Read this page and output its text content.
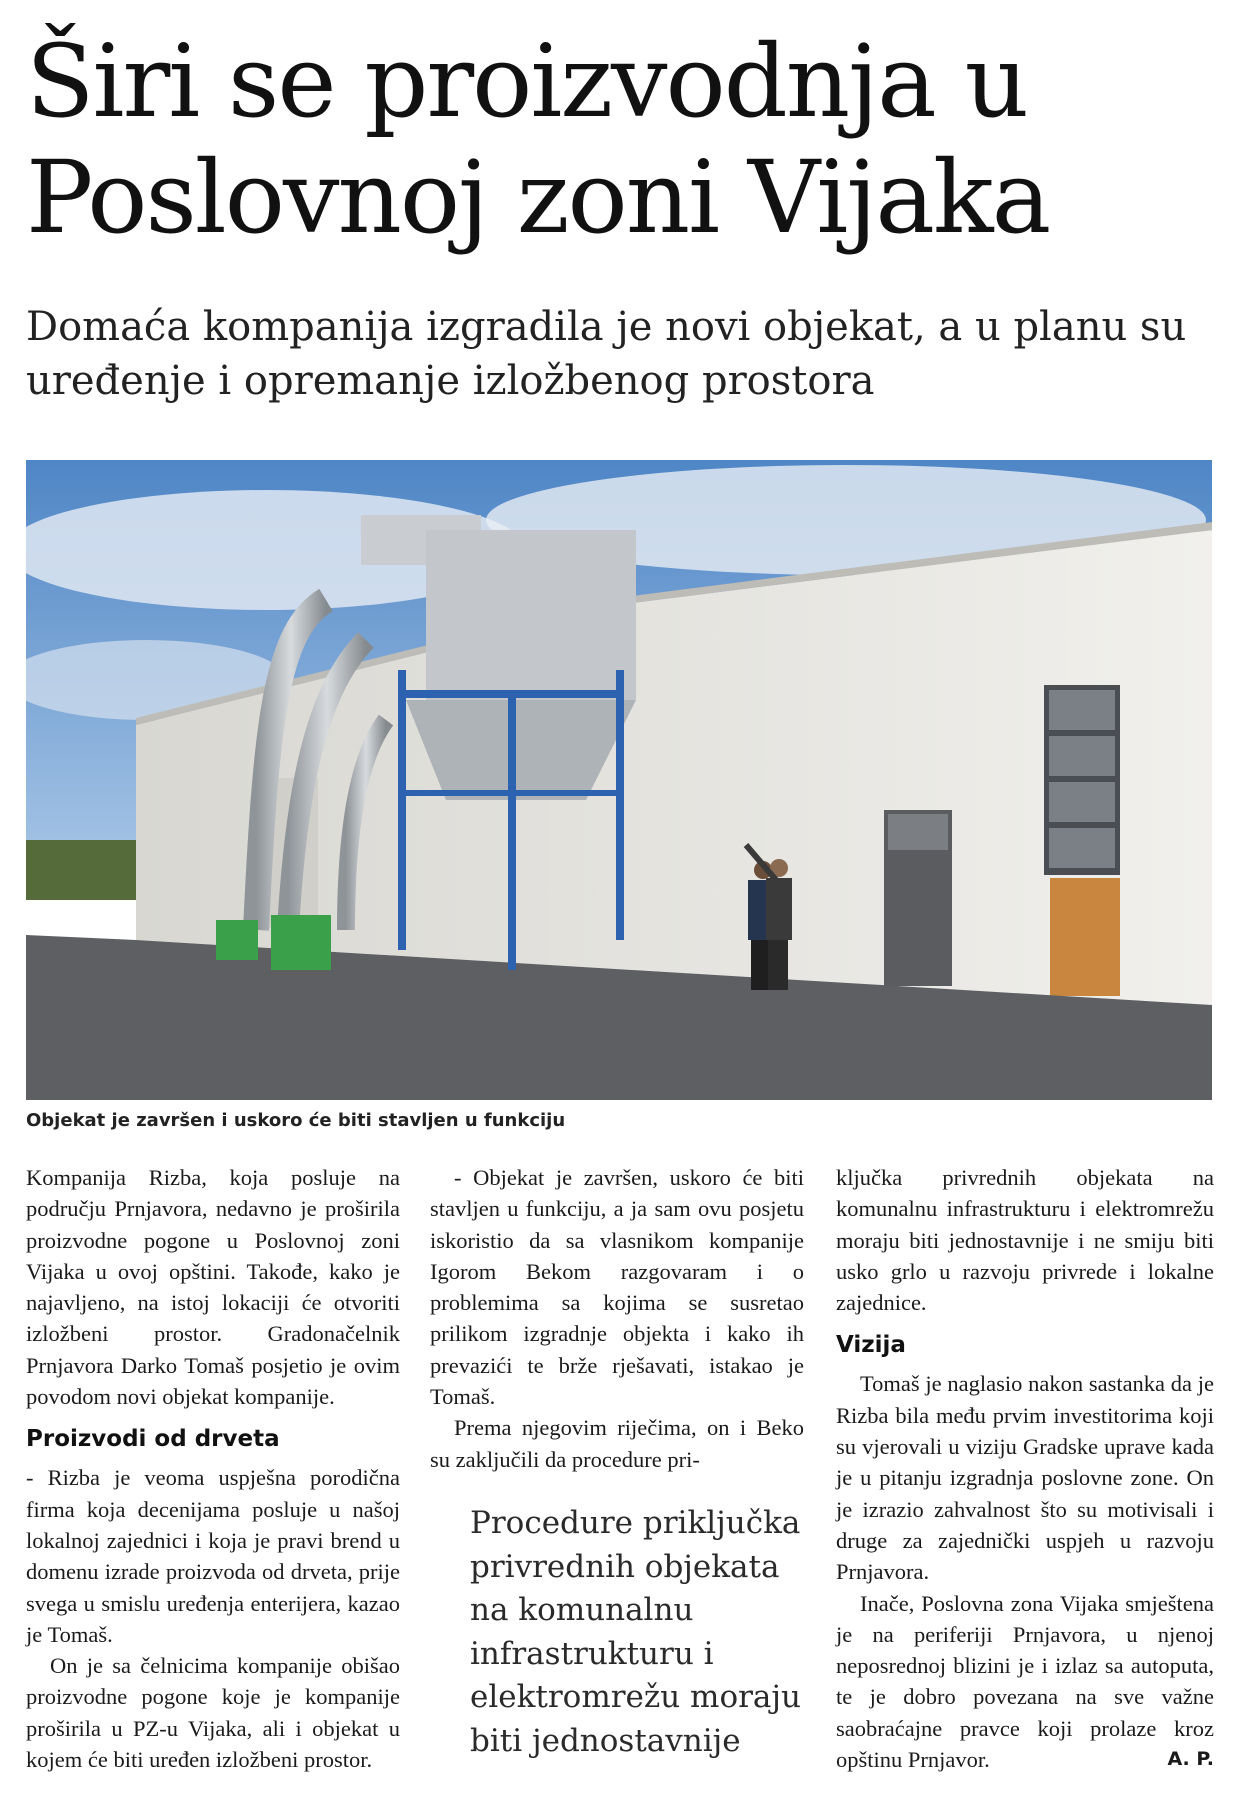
Širi se proizvodnja u Poslovnoj zoni Vijaka

Domaća kompanija izgradila je novi objekat, a u planu su uređenje i opremanje izložbenog prostora

Objekat je završen i uskoro će biti stavljen u funkciju

Kompanija Rizba, koja posluje na području Prnjavora, nedavno je proširila proizvodne pogone u Poslovnoj zoni Vijaka u ovoj opštini. Takođe, kako je najavljeno, na istoj lokaciji će otvoriti izložbeni prostor. Gradonačelnik Prnjavora Darko Tomaš posjetio je ovim povodom novi objekat kompanije.

Proizvodi od drveta

- Rizba je veoma uspješna porodična firma koja decenijama posluje u našoj lokalnoj zajednici i koja je pravi brend u domenu izrade proizvoda od drveta, prije svega u smislu uređenja enterijera, kazao je Tomaš.

On je sa čelnicima kompanije obišao proizvodne pogone koje je kompanije proširila u PZ-u Vijaka, ali i objekat u kojem će biti uređen izložbeni prostor.

- Objekat je završen, uskoro će biti stavljen u funkciju, a ja sam ovu posjetu iskoristio da sa vlasnikom kompanije Igorom Bekom razgovaram i o problemima sa kojima se susretao prilikom izgradnje objekta i kako ih prevazići te brže rješavati, istakao je Tomaš.

Prema njegovim riječima, on i Beko su zaključili da procedure pri-

Procedure priključka privrednih objekata na komunalnu infrastrukturu i elektromrežu moraju biti jednostavnije

ključka privrednih objekata na komunalnu infrastrukturu i elektromrežu moraju biti jednostavnije i ne smiju biti usko grlo u razvoju privrede i lokalne zajednice.

Vizija

Tomaš je naglasio nakon sastanka da je Rizba bila među prvim investitorima koji su vjerovali u viziju Gradske uprave kada je u pitanju izgradnja poslovne zone. On je izrazio zahvalnost što su motivisali i druge za zajednički uspjeh u razvoju Prnjavora.

Inače, Poslovna zona Vijaka smještena je na periferiji Prnjavora, u njenoj neposrednoj blizini je i izlaz sa autoputa, te je dobro povezana na sve važne saobraćajne pravce koji prolaze kroz opštinu Prnjavor.	A. P.
